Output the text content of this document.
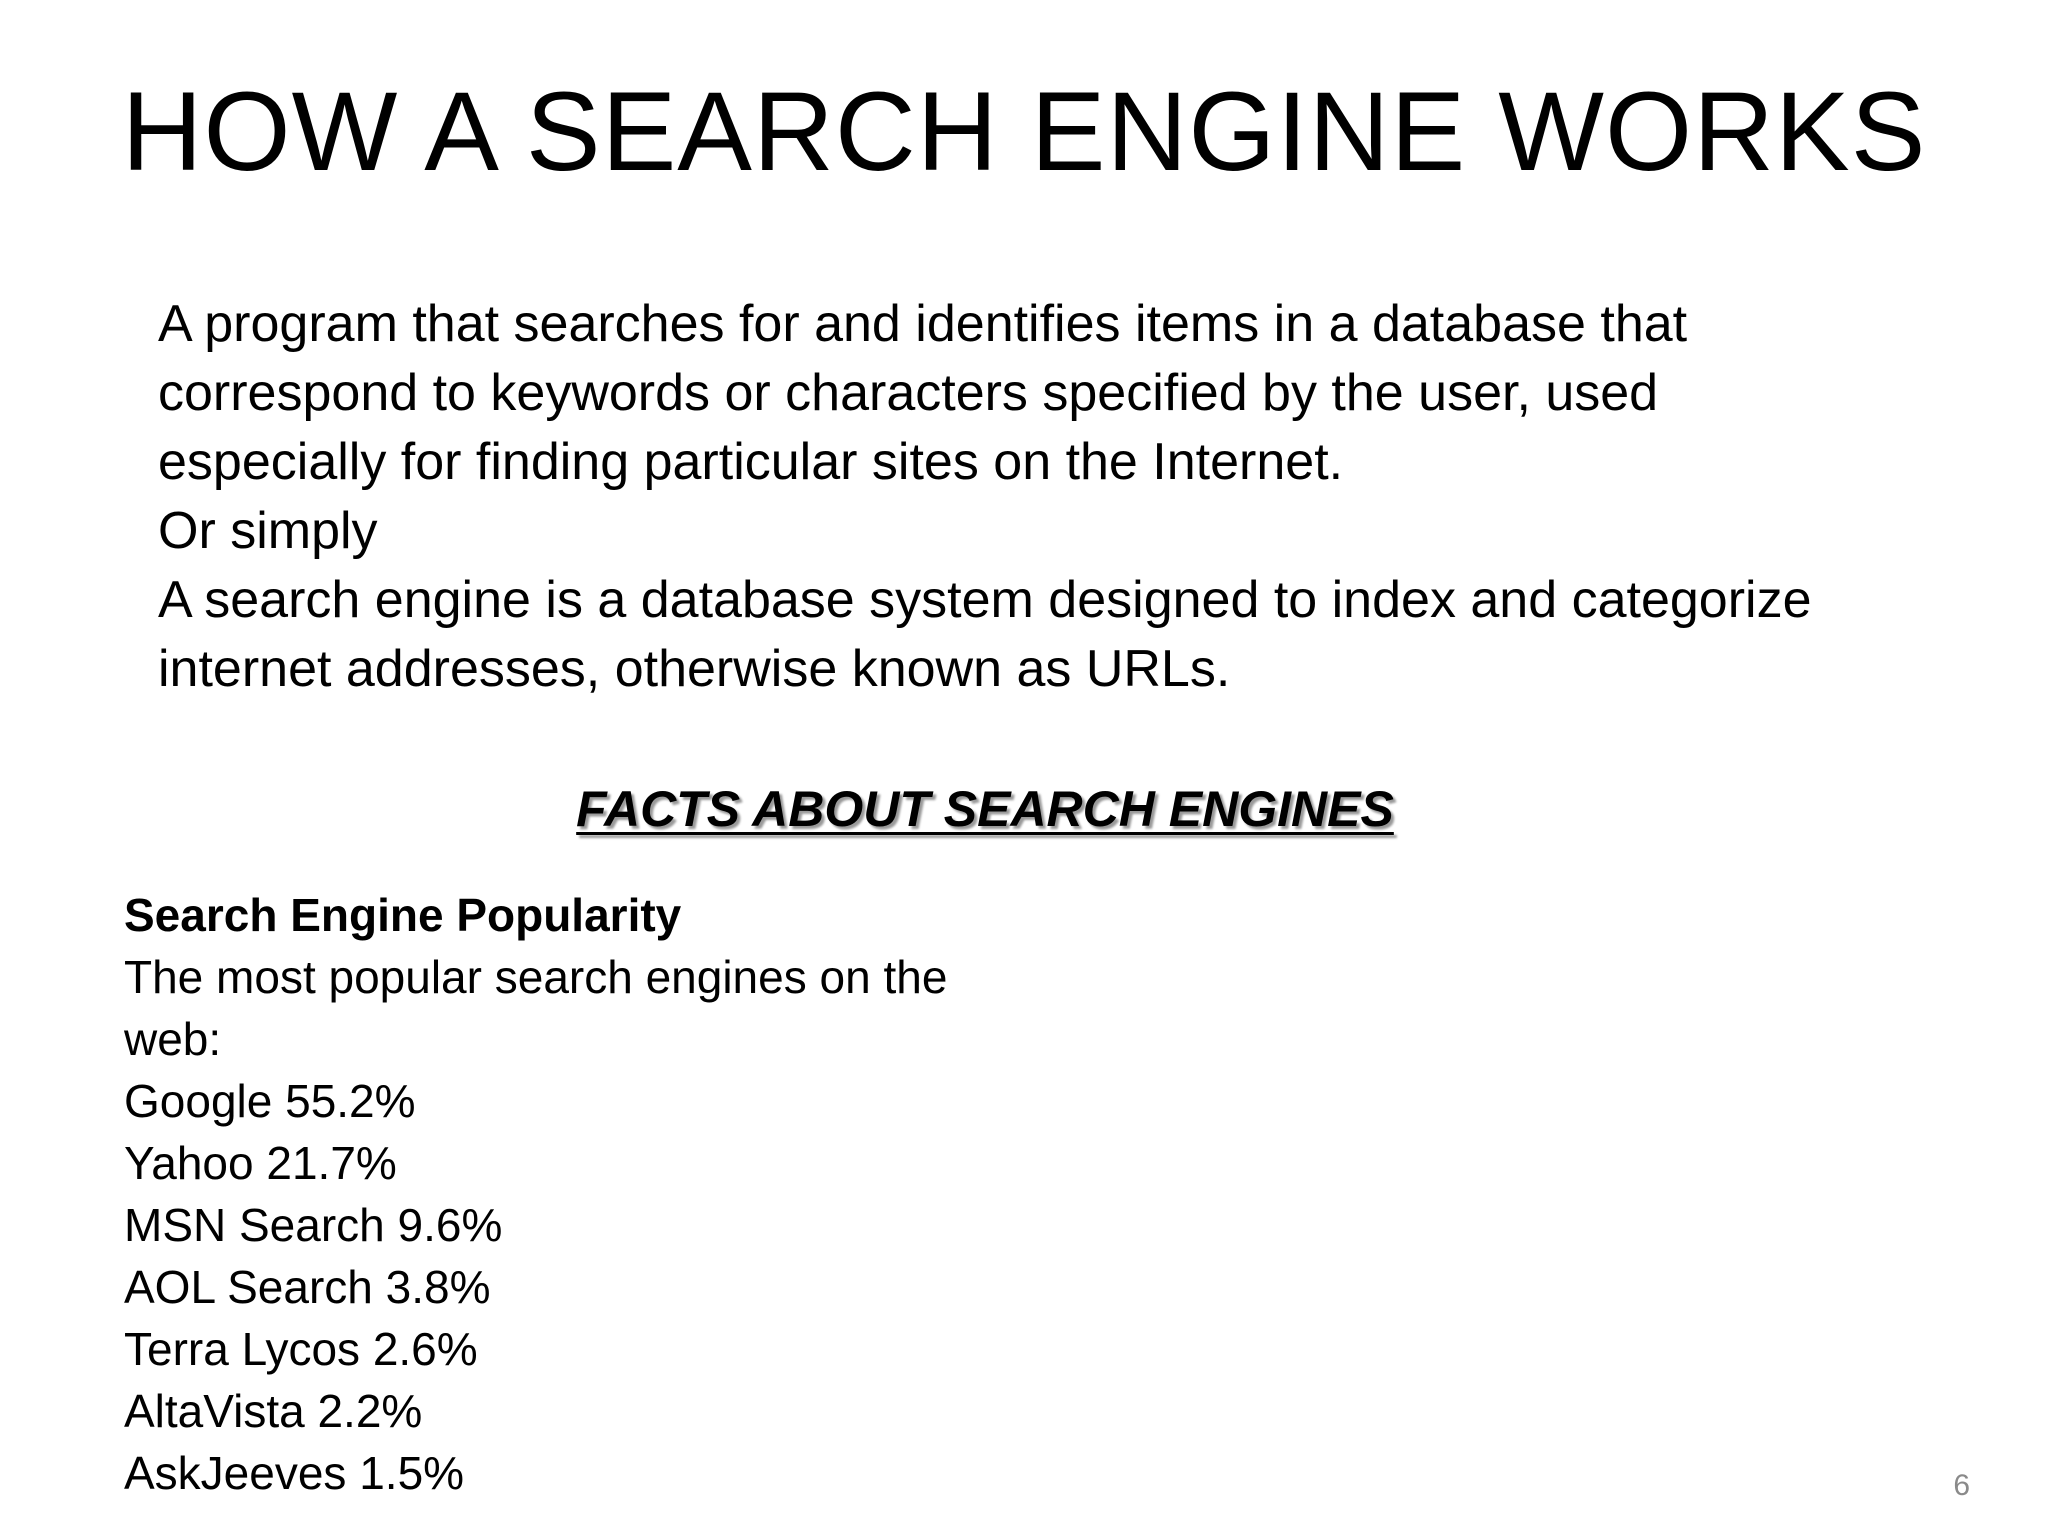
HOW A SEARCH ENGINE WORKS

A program that searches for and identifies items in a database that

correspond to keywords or characters specified by the user, used

especially for finding particular sites on the Internet.

Or simply

A search engine is a database system designed to index and categorize

internet addresses, otherwise known as URLs.

FACTS ABOUT SEARCH ENGINES

Search Engine Popularity

The most popular search engines on the

web:

Google 55.2%
Yahoo 21.7%
MSN Search 9.6%
AOL Search 3.8%
Terra Lycos 2.6%
AltaVista 2.2%
AskJeeves 1.5%	6
